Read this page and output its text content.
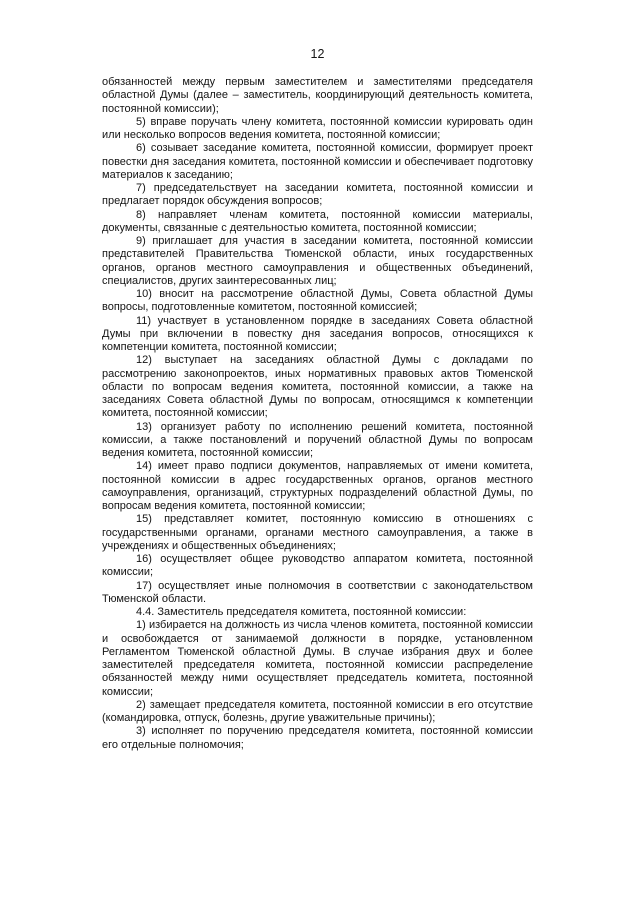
12

обязанностей между первым заместителем и заместителями председателя областной Думы (далее – заместитель, координирующий деятельность комитета, постоянной комиссии);

5) вправе поручать члену комитета, постоянной комиссии курировать один или несколько вопросов ведения комитета, постоянной комиссии;

6) созывает заседание комитета, постоянной комиссии, формирует проект повестки дня заседания комитета, постоянной комиссии и обеспечивает подготовку материалов к заседанию;

7) председательствует на заседании комитета, постоянной комиссии и предлагает порядок обсуждения вопросов;

8) направляет членам комитета, постоянной комиссии материалы, документы, связанные с деятельностью комитета, постоянной комиссии;

9) приглашает для участия в заседании комитета, постоянной комиссии представителей Правительства Тюменской области, иных государственных органов, органов местного самоуправления и общественных объединений, специалистов, других заинтересованных лиц;

10) вносит на рассмотрение областной Думы, Совета областной Думы вопросы, подготовленные комитетом, постоянной комиссией;

11) участвует в установленном порядке в заседаниях Совета областной Думы при включении в повестку дня заседания вопросов, относящихся к компетенции комитета, постоянной комиссии;

12) выступает на заседаниях областной Думы с докладами по рассмотрению законопроектов, иных нормативных правовых актов Тюменской области по вопросам ведения комитета, постоянной комиссии, а также на заседаниях Совета областной Думы по вопросам, относящимся к компетенции комитета, постоянной комиссии;

13) организует работу по исполнению решений комитета, постоянной комиссии, а также постановлений и поручений областной Думы по вопросам ведения комитета, постоянной комиссии;

14) имеет право подписи документов, направляемых от имени комитета, постоянной комиссии в адрес государственных органов, органов местного самоуправления, организаций, структурных подразделений областной Думы, по вопросам ведения комитета, постоянной комиссии;

15) представляет комитет, постоянную комиссию в отношениях с государственными органами, органами местного самоуправления, а также в учреждениях и общественных объединениях;

16) осуществляет общее руководство аппаратом комитета, постоянной комиссии;

17) осуществляет иные полномочия в соответствии с законодательством Тюменской области.

4.4. Заместитель председателя комитета, постоянной комиссии:

1) избирается на должность из числа членов комитета, постоянной комиссии и освобождается от занимаемой должности в порядке, установленном Регламентом Тюменской областной Думы. В случае избрания двух и более заместителей председателя комитета, постоянной комиссии распределение обязанностей между ними осуществляет председатель комитета, постоянной комиссии;

2) замещает председателя комитета, постоянной комиссии в его отсутствие (командировка, отпуск, болезнь, другие уважительные причины);

3) исполняет по поручению председателя комитета, постоянной комиссии его отдельные полномочия;
